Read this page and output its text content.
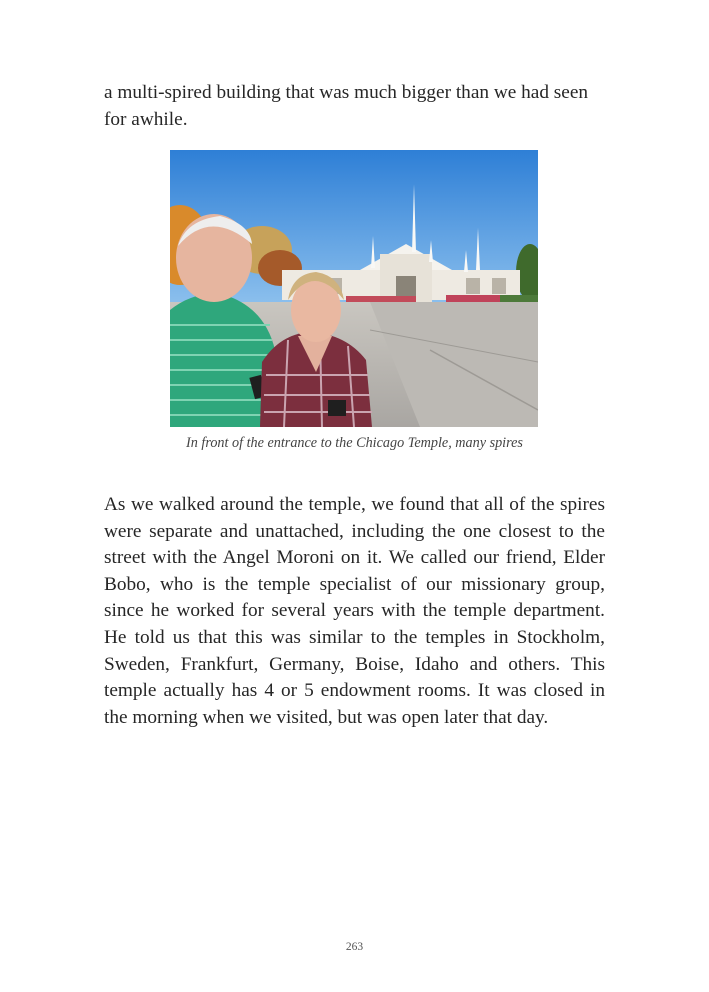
a multi-spired building that was much bigger than we had seen for awhile.

In front of the entrance to the Chicago Temple, many spires

As we walked around the temple, we found that all of the spires were separate and unattached, including the one closest to the street with the Angel Moroni on it. We called our friend, Elder Bobo, who is the temple specialist of our missionary group, since he worked for several years with the temple department. He told us that this was similar to the temples in Stockholm, Sweden, Frankfurt, Germany, Boise, Idaho and others. This temple actually has 4 or 5 endowment rooms. It was closed in the morning when we visited, but was open later that day.

263
